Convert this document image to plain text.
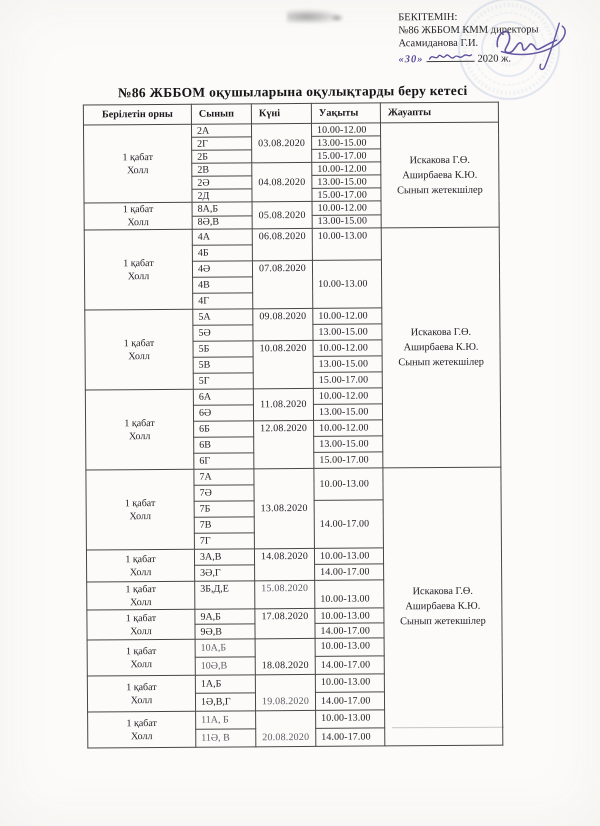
БЕКІТЕМІН:
№86 ЖББОМ КММ директоры
Асамиданова Г.И.
«30»	2020 ж.
№86 ЖББОМ оқушыларына оқулықтарды беру кетесі
Берілетін орны	Сынып	Күні	Уақыты	Жауапты
1 қабат
Холл	2А	03.08.2020	10.00-12.00	Искакова Г.Ө.
Аширбаева К.Ю.
Сынып жетекшілер
	2Г		13.00-15.00	
	2Б		15.00-17.00	
	2В	04.08.2020	10.00-12.00	
	2Ә		13.00-15.00	
	2Д		15.00-17.00	
1 қабат
Холл	8А,Б	05.08.2020	10.00-12.00	
	8Ә,В		13.00-15.00	
1 қабат
Холл	4А	06.08.2020	10.00-13.00	Искакова Г.Ө.
Аширбаева К.Ю.
Сынып жетекшілер
	4Б			
	4Ә	07.08.2020	10.00-13.00	
	4В			
	4Г			
1 қабат
Холл	5А	09.08.2020	10.00-12.00	
	5Ә		13.00-15.00	
	5Б	10.08.2020	10.00-12.00	
	5В		13.00-15.00	
	5Г		15.00-17.00	
1 қабат
Холл	6А	11.08.2020	10.00-12.00	
	6Ә		13.00-15.00	
	6Б	12.08.2020	10.00-12.00	
	6В		13.00-15.00	
	6Г		15.00-17.00	
1 қабат
Холл	7А	13.08.2020	10.00-13.00	Искакова Г.Ө.
Аширбаева К.Ю.
Сынып жетекшілер
	7Ә			
	7Б		14.00-17.00	
	7В			
	7Г			
1 қабат
Холл	3А,В	14.08.2020	10.00-13.00	
	3Ә,Г		14.00-17.00	
1 қабат
Холл	3Б,Д,Е	15.08.2020	10.00-13.00	
1 қабат
Холл	9А,Б	17.08.2020	10.00-13.00	
	9Ә,В		14.00-17.00	
1 қабат
Холл	10А,Б	18.08.2020	10.00-13.00	
	10Ә,В		14.00-17.00	
1 қабат
Холл	1А,Б	19.08.2020	10.00-13.00	
	1Ә,В,Г		14.00-17.00	
1 қабат
Холл	11А, Б	20.08.2020	10.00-13.00	
	11Ә, В		14.00-17.00	
